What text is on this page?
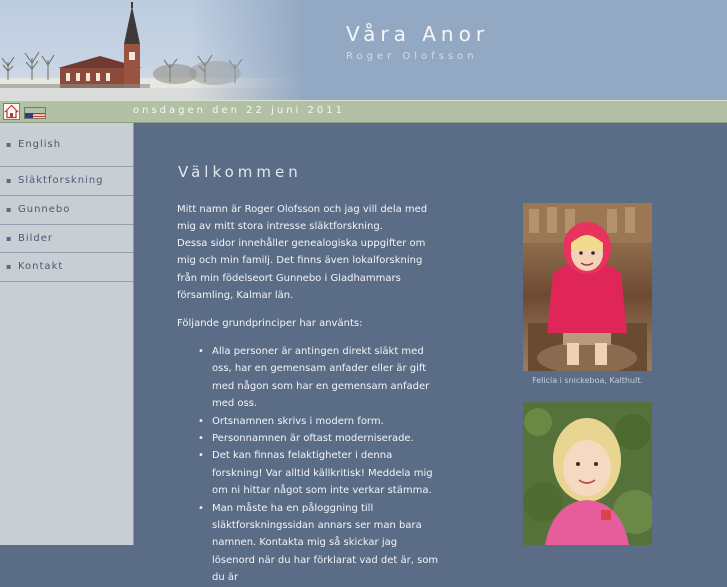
Våra Anor
Roger Olofsson
onsdagen den 22 juni 2011
▪ English
▪ Släktforskning
▪ Gunnebo
▪ Bilder
▪ Kontakt
Välkommen

Mitt namn är Roger Olofsson och jag vill dela med mig av mitt stora intresse släktforskning.

Dessa sidor innehåller genealogiska uppgifter om mig och min familj. Det finns även lokalforskning från min födelseort Gunnebo i Gladhammars församling, Kalmar län.

Följande grundprinciper har använts:

• Alla personer är antingen direkt släkt med oss, har en gemensam anfader eller är gift med någon som har en gemensam anfader med oss.
• Ortsnamnen skrivs i modern form.
• Personnamnen är oftast moderniserade.
• Det kan finnas felaktigheter i denna forskning! Var alltid källkritisk! Meddela mig om ni hittar något som inte verkar stämma.
• Man måste ha en påloggning till släktforskningssidan annars ser man bara namnen. Kontakta mig så skickar jag lösenord när du har förklarat vad det är, som du är
Felicia i snickeboa, Kalthult.
